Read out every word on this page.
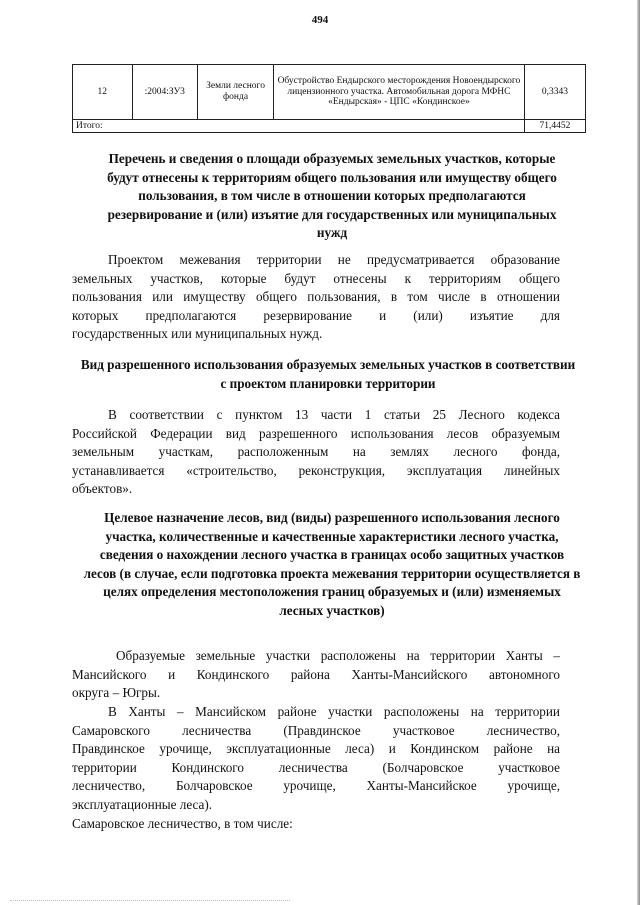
494
12	:2004:ЗУ3	Земли лесного фонда	Обустройство Ендырского месторождения Новоендырского лицензионного участка. Автомобильная дорога МФНС «Ендырская» - ЦПС «Кондинское»	0,3343
Итого:				71,4452
Перечень и сведения о площади образуемых земельных участков, которые будут отнесены к территориям общего пользования или имуществу общего пользования, в том числе в отношении которых предполагаются резервирование и (или) изъятие для государственных или муниципальных нужд
Проектом межевания территории не предусматривается образование
земельных участков, которые будут отнесены к территориям общего
пользования или имуществу общего пользования, в том числе в отношении
которых предполагаются резервирование и (или) изъятие для
государственных или муниципальных нужд.
Вид разрешенного использования образуемых земельных участков в соответствии с проектом планировки территории
В соответствии с пунктом 13 части 1 статьи 25 Лесного кодекса
Российской Федерации вид разрешенного использования лесов образуемым
земельным участкам, расположенным на землях лесного фонда,
устанавливается «строительство, реконструкция, эксплуатация линейных
объектов».
Целевое назначение лесов, вид (виды) разрешенного использования лесного участка, количественные и качественные характеристики лесного участка, сведения о нахождении лесного участка в границах особо защитных участков лесов (в случае, если подготовка проекта межевания территории осуществляется в целях определения местоположения границ образуемых и (или) изменяемых лесных участков)
Образуемые земельные участки расположены на территории Ханты –
Мансийского и Кондинского района Ханты-Мансийского автономного
округа – Югры.
В Ханты – Мансийском районе участки расположены на территории
Самаровского лесничества (Правдинское участковое лесничество,
Правдинское урочище, эксплуатационные леса) и Кондинском районе на
территории Кондинского лесничества (Болчаровское участковое
лесничество, Болчаровское урочище, Ханты-Мансийское урочище,
эксплуатационные леса).
Самаровское лесничество, в том числе:
